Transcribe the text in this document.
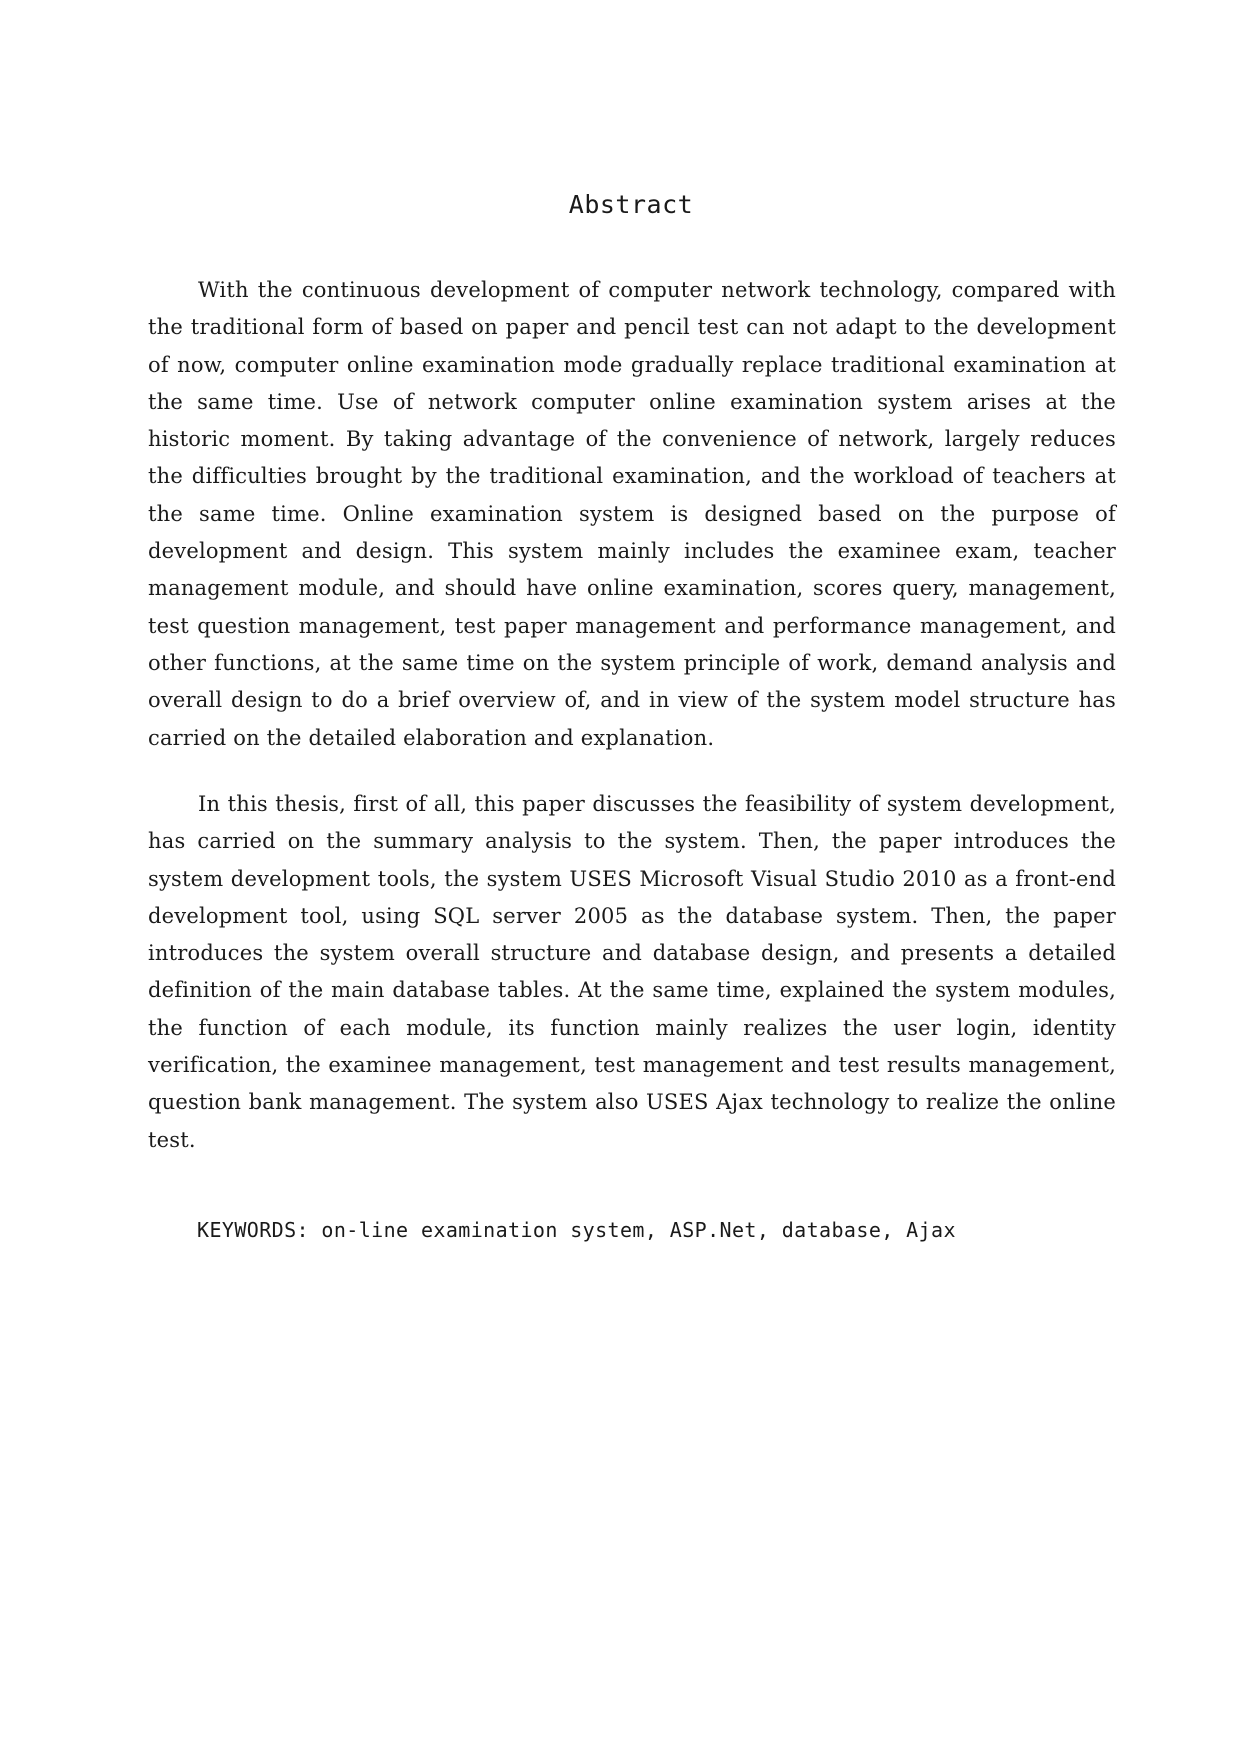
Abstract

With the continuous development of computer network technology, compared with the traditional form of based on paper and pencil test can not adapt to the development of now, computer online examination mode gradually replace traditional examination at the same time. Use of network computer online examination system arises at the historic moment. By taking advantage of the convenience of network, largely reduces the difficulties brought by the traditional examination, and the workload of teachers at the same time. Online examination system is designed based on the purpose of development and design. This system mainly includes the examinee exam, teacher management module, and should have online examination, scores query, management, test question management, test paper management and performance management, and other functions, at the same time on the system principle of work, demand analysis and overall design to do a brief overview of, and in view of the system model structure has carried on the detailed elaboration and explanation.

In this thesis, first of all, this paper discusses the feasibility of system development, has carried on the summary analysis to the system. Then, the paper introduces the system development tools, the system USES Microsoft Visual Studio 2010 as a front-end development tool, using SQL server 2005 as the database system. Then, the paper introduces the system overall structure and database design, and presents a detailed definition of the main database tables. At the same time, explained the system modules, the function of each module, its function mainly realizes the user login, identity verification, the examinee management, test management and test results management, question bank management. The system also USES Ajax technology to realize the online test.

KEYWORDS: on-line examination system, ASP.Net, database, Ajax
